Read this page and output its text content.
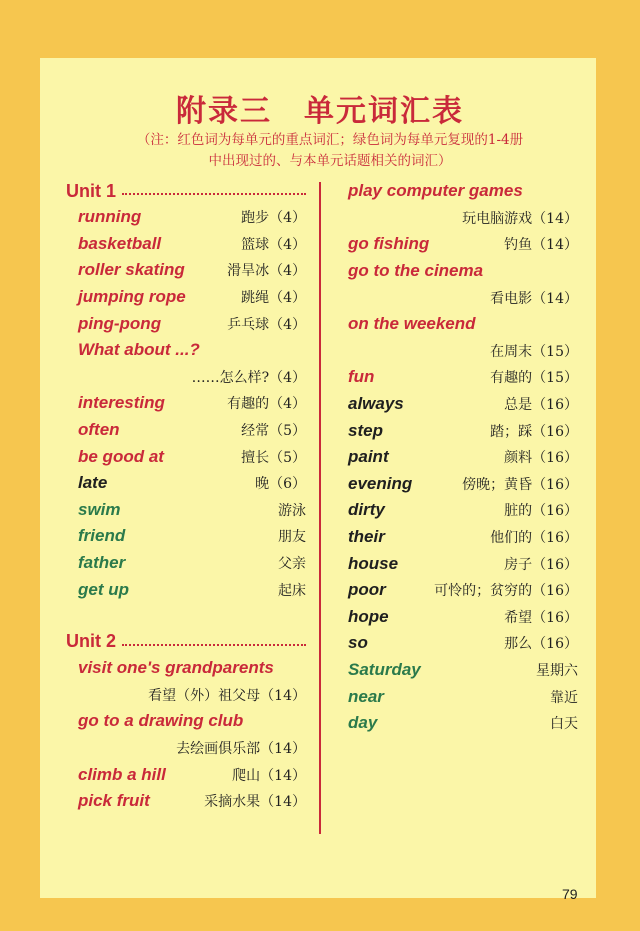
附录三　单元词汇表
（注：红色词为每单元的重点词汇；绿色词为每单元复现的1-4册
中出现过的、与本单元话题相关的词汇）
Unit 1
running	跑步（4）
basketball	篮球（4）
roller skating	滑旱冰（4）
jumping rope	跳绳（4）
ping-pong	乒乓球（4）
What about ...?
……怎么样?（4）
interesting	有趣的（4）
often	经常（5）
be good at	擅长（5）
late	晚（6）
swim	游泳
friend	朋友
father	父亲
get up	起床
Unit 2
visit one's grandparents
看望（外）祖父母（14）
go to a drawing club
去绘画俱乐部（14）
climb a hill	爬山（14）
pick fruit	采摘水果（14）
play computer games
玩电脑游戏（14）
go fishing	钓鱼（14）
go to the cinema
看电影（14）
on the weekend
在周末（15）
fun	有趣的（15）
always	总是（16）
step	踏；踩（16）
paint	颜料（16）
evening	傍晚；黄昏（16）
dirty	脏的（16）
their	他们的（16）
house	房子（16）
poor	可怜的；贫穷的（16）
hope	希望（16）
so	那么（16）
Saturday	星期六
near	靠近
day	白天
79
